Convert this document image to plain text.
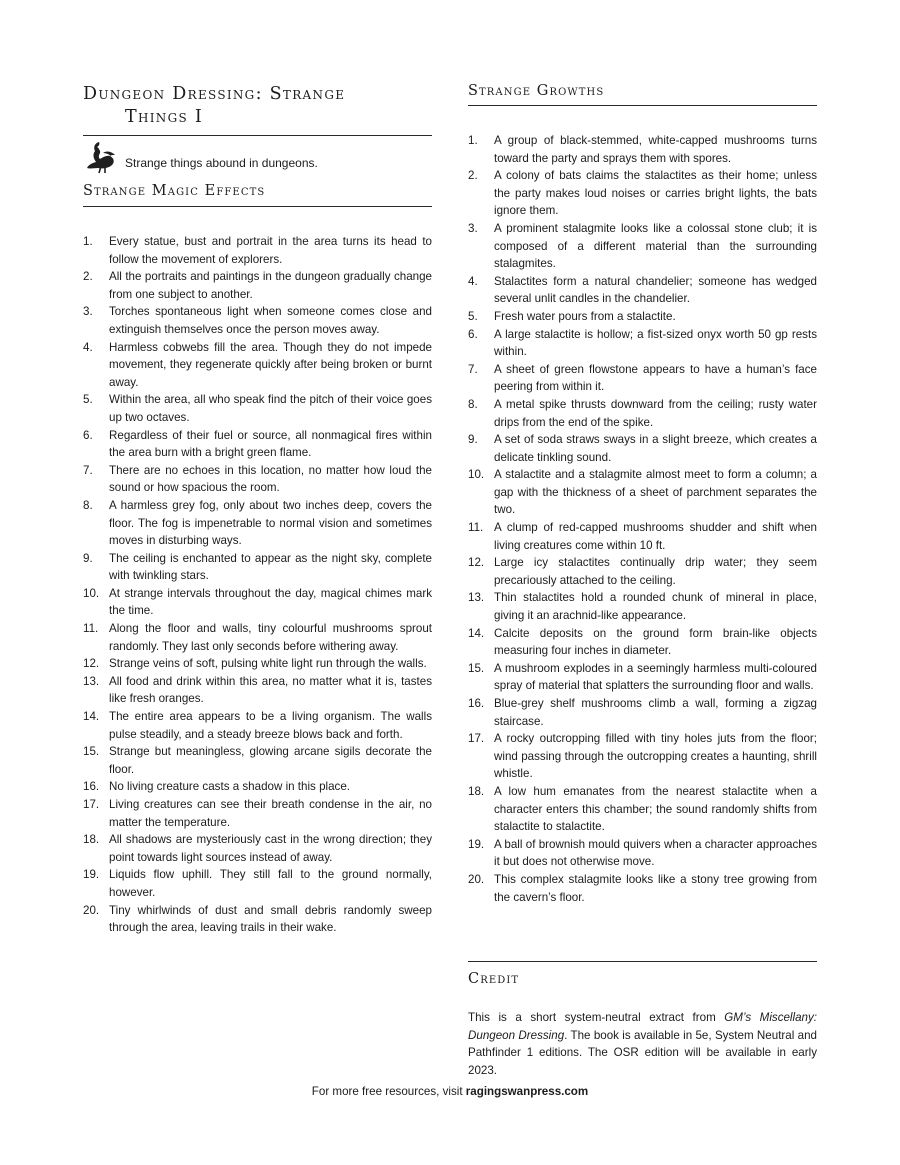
Dungeon Dressing: Strange
Things I
Strange things abound in dungeons.
Strange Magic Effects
1. Every statue, bust and portrait in the area turns its head to follow the movement of explorers.
2. All the portraits and paintings in the dungeon gradually change from one subject to another.
3. Torches spontaneous light when someone comes close and extinguish themselves once the person moves away.
4. Harmless cobwebs fill the area. Though they do not impede movement, they regenerate quickly after being broken or burnt away.
5. Within the area, all who speak find the pitch of their voice goes up two octaves.
6. Regardless of their fuel or source, all nonmagical fires within the area burn with a bright green flame.
7. There are no echoes in this location, no matter how loud the sound or how spacious the room.
8. A harmless grey fog, only about two inches deep, covers the floor. The fog is impenetrable to normal vision and sometimes moves in disturbing ways.
9. The ceiling is enchanted to appear as the night sky, complete with twinkling stars.
10. At strange intervals throughout the day, magical chimes mark the time.
11. Along the floor and walls, tiny colourful mushrooms sprout randomly. They last only seconds before withering away.
12. Strange veins of soft, pulsing white light run through the walls.
13. All food and drink within this area, no matter what it is, tastes like fresh oranges.
14. The entire area appears to be a living organism. The walls pulse steadily, and a steady breeze blows back and forth.
15. Strange but meaningless, glowing arcane sigils decorate the floor.
16. No living creature casts a shadow in this place.
17. Living creatures can see their breath condense in the air, no matter the temperature.
18. All shadows are mysteriously cast in the wrong direction; they point towards light sources instead of away.
19. Liquids flow uphill. They still fall to the ground normally, however.
20. Tiny whirlwinds of dust and small debris randomly sweep through the area, leaving trails in their wake.
Strange Growths
1. A group of black-stemmed, white-capped mushrooms turns toward the party and sprays them with spores.
2. A colony of bats claims the stalactites as their home; unless the party makes loud noises or carries bright lights, the bats ignore them.
3. A prominent stalagmite looks like a colossal stone club; it is composed of a different material than the surrounding stalagmites.
4. Stalactites form a natural chandelier; someone has wedged several unlit candles in the chandelier.
5. Fresh water pours from a stalactite.
6. A large stalactite is hollow; a fist-sized onyx worth 50 gp rests within.
7. A sheet of green flowstone appears to have a human’s face peering from within it.
8. A metal spike thrusts downward from the ceiling; rusty water drips from the end of the spike.
9. A set of soda straws sways in a slight breeze, which creates a delicate tinkling sound.
10. A stalactite and a stalagmite almost meet to form a column; a gap with the thickness of a sheet of parchment separates the two.
11. A clump of red-capped mushrooms shudder and shift when living creatures come within 10 ft.
12. Large icy stalactites continually drip water; they seem precariously attached to the ceiling.
13. Thin stalactites hold a rounded chunk of mineral in place, giving it an arachnid-like appearance.
14. Calcite deposits on the ground form brain-like objects measuring four inches in diameter.
15. A mushroom explodes in a seemingly harmless multi-coloured spray of material that splatters the surrounding floor and walls.
16. Blue-grey shelf mushrooms climb a wall, forming a zigzag staircase.
17. A rocky outcropping filled with tiny holes juts from the floor; wind passing through the outcropping creates a haunting, shrill whistle.
18. A low hum emanates from the nearest stalactite when a character enters this chamber; the sound randomly shifts from stalactite to stalactite.
19. A ball of brownish mould quivers when a character approaches it but does not otherwise move.
20. This complex stalagmite looks like a stony tree growing from the cavern’s floor.
Credit

This is a short system-neutral extract from GM’s Miscellany: Dungeon Dressing. The book is available in 5e, System Neutral and Pathfinder 1 editions. The OSR edition will be available in early 2023.

For more free resources, visit ragingswanpress.com
